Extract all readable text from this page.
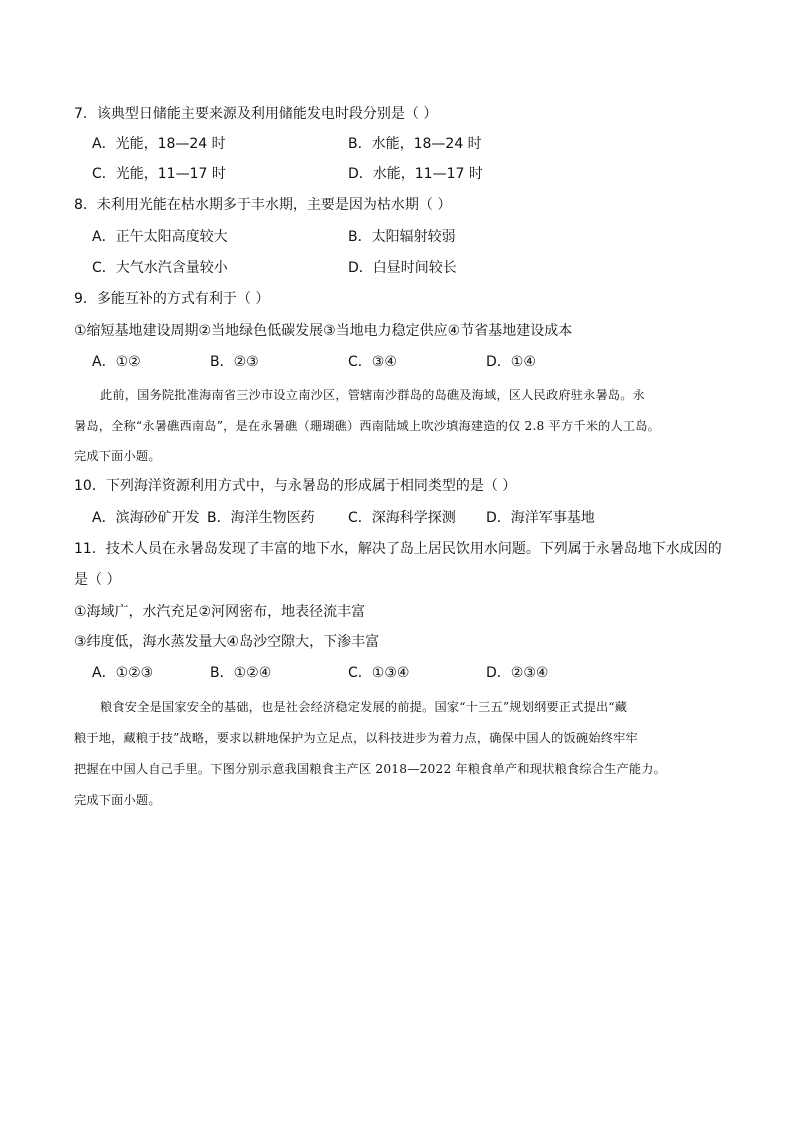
7．该典型日储能主要来源及利用储能发电时段分别是（ ）
A．光能，18—24 时	B．水能，18—24 时
C．光能，11—17 时	D．水能，11—17 时
8．未利用光能在枯水期多于丰水期，主要是因为枯水期（ ）
A．正午太阳高度较大	B．太阳辐射较弱
C．大气水汽含量较小	D．白昼时间较长
9．多能互补的方式有利于（ ）
①缩短基地建设周期②当地绿色低碳发展③当地电力稳定供应④节省基地建设成本
A．①②	B．②③	C．③④	D．①④
此前，国务院批准海南省三沙市设立南沙区，管辖南沙群岛的岛礁及海域，区人民政府驻永暑岛。永
暑岛，全称“永暑礁西南岛”，是在永暑礁（珊瑚礁）西南陆域上吹沙填海建造的仅 2.8 平方千米的人工岛。
完成下面小题。
10．下列海洋资源利用方式中，与永暑岛的形成属于相同类型的是（ ）
A．滨海砂矿开发 B．海洋生物医药 C．深海科学探测 D．海洋军事基地
11．技术人员在永暑岛发现了丰富的地下水，解决了岛上居民饮用水问题。下列属于永暑岛地下水成因的
是（ ）
①海域广，水汽充足②河网密布，地表径流丰富
③纬度低，海水蒸发量大④岛沙空隙大，下渗丰富
A．①②③	B．①②④	C．①③④	D．②③④
粮食安全是国家安全的基础，也是社会经济稳定发展的前提。国家“十三五”规划纲要正式提出“藏
粮于地，藏粮于技”战略，要求以耕地保护为立足点，以科技进步为着力点，确保中国人的饭碗始终牢牢
把握在中国人自己手里。下图分别示意我国粮食主产区 2018—2022 年粮食单产和现状粮食综合生产能力。
完成下面小题。
